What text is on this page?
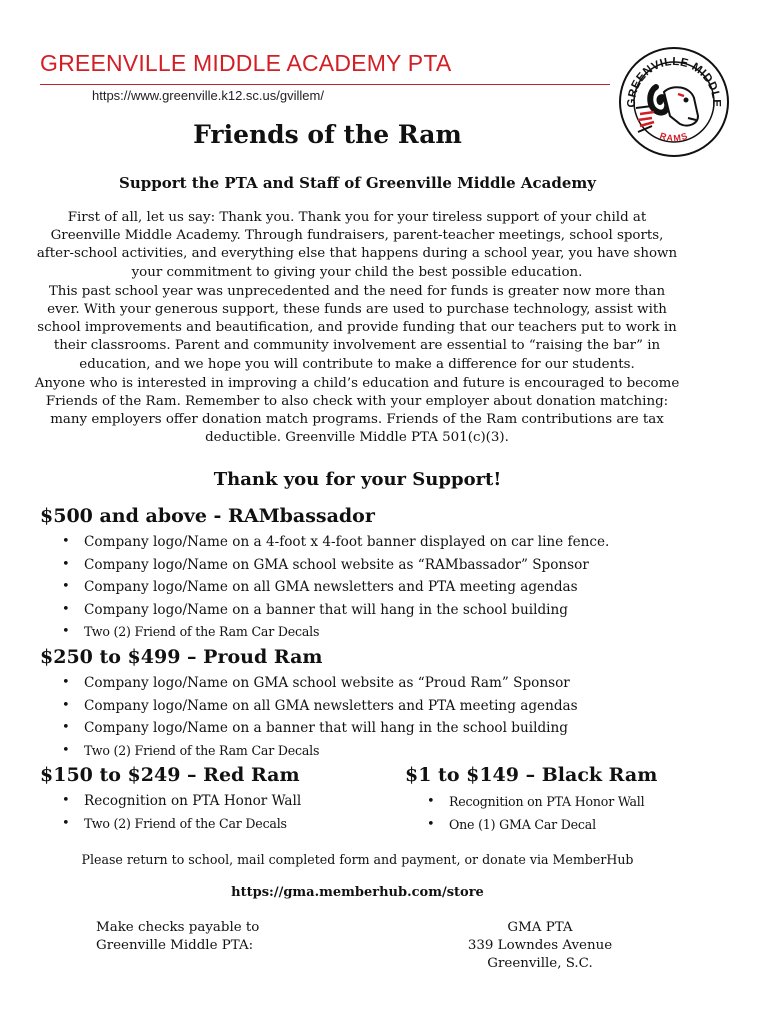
GREENVILLE MIDDLE ACADEMY PTA
https://www.greenville.k12.sc.us/gvillem/	GREENVILLE MIDDLE
RAMS
Friends of the Ram
Support the PTA and Staff of Greenville Middle Academy

First of all, let us say: Thank you. Thank you for your tireless support of your child at Greenville Middle Academy. Through fundraisers, parent-teacher meetings, school sports, after-school activities, and everything else that happens during a school year, you have shown your commitment to giving your child the best possible education.

This past school year was unprecedented and the need for funds is greater now more than ever. With your generous support, these funds are used to purchase technology, assist with school improvements and beautification, and provide funding that our teachers put to work in their classrooms. Parent and community involvement are essential to “raising the bar” in education, and we hope you will contribute to make a difference for our students.

Anyone who is interested in improving a child’s education and future is encouraged to become Friends of the Ram. Remember to also check with your employer about donation matching: many employers offer donation match programs. Friends of the Ram contributions are tax deductible. Greenville Middle PTA 501(c)(3).

Thank you for your Support!
$500 and above - RAMbassador
• Company logo/Name on a 4-foot x 4-foot banner displayed on car line fence.
• Company logo/Name on GMA school website as “RAMbassador” Sponsor
• Company logo/Name on all GMA newsletters and PTA meeting agendas
• Company logo/Name on a banner that will hang in the school building
• Two (2) Friend of the Ram Car Decals
$250 to $499 – Proud Ram
• Company logo/Name on GMA school website as “Proud Ram” Sponsor
• Company logo/Name on all GMA newsletters and PTA meeting agendas
• Company logo/Name on a banner that will hang in the school building
• Two (2) Friend of the Ram Car Decals
$150 to $249 – Red Ram
• Recognition on PTA Honor Wall
• Two (2) Friend of the Car Decals
$1 to $149 – Black Ram
• Recognition on PTA Honor Wall
• One (1) GMA Car Decal
Please return to school, mail completed form and payment, or donate via MemberHub
https://gma.memberhub.com/store
Make checks payable to
Greenville Middle PTA:
GMA PTA
339 Lowndes Avenue
Greenville, S.C.
